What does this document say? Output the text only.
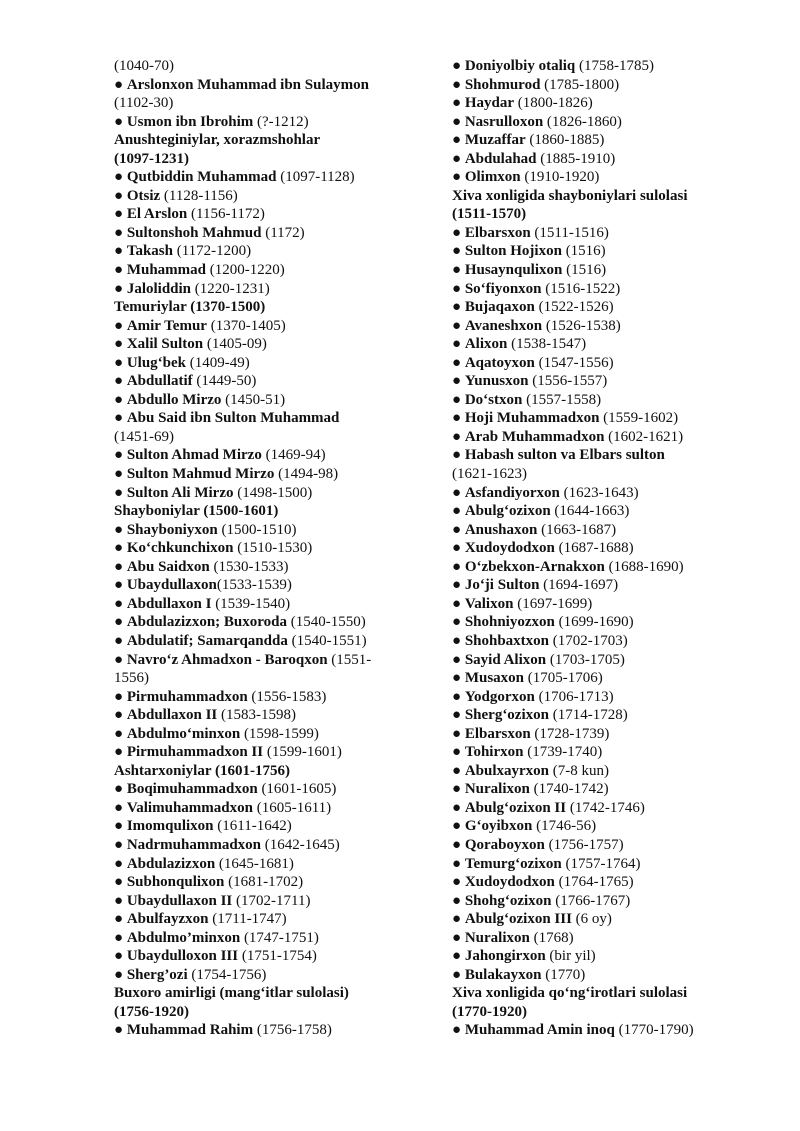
(1040-70)
● Arslonxon Muhammad ibn Sulaymon
(1102-30)
● Usmon ibn Ibrohim (?-1212)
Anushteginiylar, xorazmshohlar
(1097-1231)
● Qutbiddin Muhammad (1097-1128)
● Otsiz (1128-1156)
● El Arslon (1156-1172)
● Sultonshoh Mahmud (1172)
● Takash (1172-1200)
● Muhammad (1200-1220)
● Jaloliddin (1220-1231)
Temuriylar (1370-1500)
● Amir Temur (1370-1405)
● Xalil Sulton (1405-09)
● Ulug‘bek (1409-49)
● Abdullatif (1449-50)
● Abdullo Mirzo (1450-51)
● Abu Said ibn Sulton Muhammad
(1451-69)
● Sulton Ahmad Mirzo (1469-94)
● Sulton Mahmud Mirzo (1494-98)
● Sulton Ali Mirzo (1498-1500)
Shayboniylar (1500-1601)
● Shayboniyxon (1500-1510)
● Ko‘chkunchixon (1510-1530)
● Abu Saidxon (1530-1533)
● Ubaydullaxon(1533-1539)
● Abdullaxon I (1539-1540)
● Abdulazizxon; Buxoroda (1540-1550)
● Abdulatif; Samarqandda (1540-1551)
● Navro‘z Ahmadxon - Baroqxon (1551-
1556)
● Pirmuhammadxon (1556-1583)
● Abdullaxon II (1583-1598)
● Abdulmo‘minxon (1598-1599)
● Pirmuhammadxon II (1599-1601)
Ashtarxoniylar (1601-1756)
● Boqimuhammadxon (1601-1605)
● Valimuhammadxon (1605-1611)
● Imomqulixon (1611-1642)
● Nadrmuhammadxon (1642-1645)
● Abdulazizxon (1645-1681)
● Subhonqulixon (1681-1702)
● Ubaydullaxon II (1702-1711)
● Abulfayzxon (1711-1747)
● Abdulmo’minxon (1747-1751)
● Ubaydulloxon III (1751-1754)
● Sherg’ozi (1754-1756)
Buxoro amirligi (mang‘itlar sulolasi)
(1756-1920)
● Muhammad Rahim (1756-1758)
● Doniyolbiy otaliq (1758-1785)
● Shohmurod (1785-1800)
● Haydar (1800-1826)
● Nasrulloxon (1826-1860)
● Muzaffar (1860-1885)
● Abdulahad (1885-1910)
● Olimxon (1910-1920)
Xiva xonligida shayboniylari sulolasi
(1511-1570)
● Elbarsxon (1511-1516)
● Sulton Hojixon (1516)
● Husaynqulixon (1516)
● So‘fiyonxon (1516-1522)
● Bujaqaxon (1522-1526)
● Avaneshxon (1526-1538)
● Alixon (1538-1547)
● Aqatoyxon (1547-1556)
● Yunusxon (1556-1557)
● Do‘stxon (1557-1558)
● Hoji Muhammadxon (1559-1602)
● Arab Muhammadxon (1602-1621)
● Habash sulton va Elbars sulton
(1621-1623)
● Asfandiyorxon (1623-1643)
● Abulg‘ozixon (1644-1663)
● Anushaxon (1663-1687)
● Xudoydodxon (1687-1688)
● O‘zbekxon-Arnakxon (1688-1690)
● Jo‘ji Sulton (1694-1697)
● Valixon (1697-1699)
● Shohniyozxon (1699-1690)
● Shohbaxtxon (1702-1703)
● Sayid Alixon (1703-1705)
● Musaxon (1705-1706)
● Yodgorxon (1706-1713)
● Sherg‘ozixon (1714-1728)
● Elbarsxon (1728-1739)
● Tohirxon (1739-1740)
● Abulxayrxon (7-8 kun)
● Nuralixon (1740-1742)
● Abulg‘ozixon II (1742-1746)
● G‘oyibxon (1746-56)
● Qoraboyxon (1756-1757)
● Temurg‘ozixon (1757-1764)
● Xudoydodxon (1764-1765)
● Shohg‘ozixon (1766-1767)
● Abulg‘ozixon III (6 oy)
● Nuralixon (1768)
● Jahongirxon (bir yil)
● Bulakayxon (1770)
Xiva xonligida qo‘ng‘irotlari sulolasi
(1770-1920)
● Muhammad Amin inoq (1770-1790)
